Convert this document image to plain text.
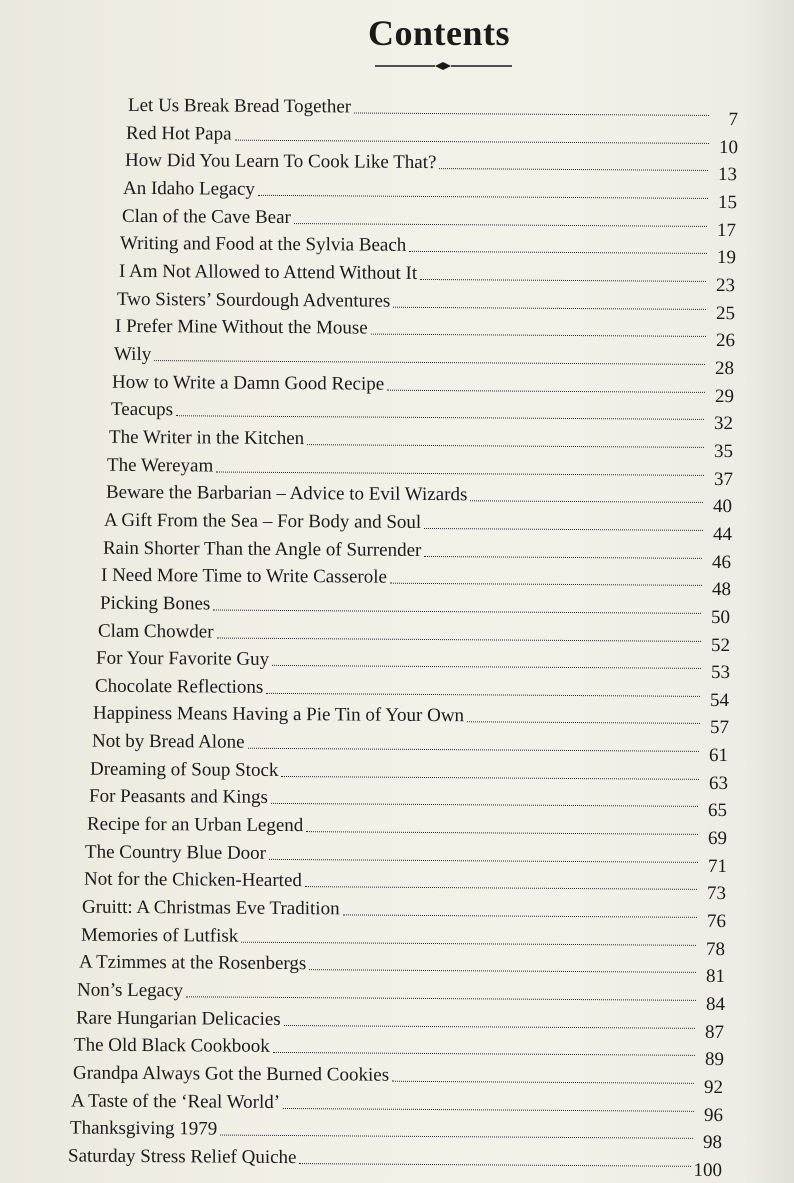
Contents
Let Us Break Bread Together
7
Red Hot Papa
10
How Did You Learn To Cook Like That?
13
An Idaho Legacy
15
Clan of the Cave Bear
17
Writing and Food at the Sylvia Beach
19
I Am Not Allowed to Attend Without It
23
Two Sisters’ Sourdough Adventures
25
I Prefer Mine Without the Mouse
26
Wily
28
How to Write a Damn Good Recipe
29
Teacups
32
The Writer in the Kitchen
35
The Wereyam
37
Beware the Barbarian – Advice to Evil Wizards
40
A Gift From the Sea – For Body and Soul
44
Rain Shorter Than the Angle of Surrender
46
I Need More Time to Write Casserole
48
Picking Bones
50
Clam Chowder
52
For Your Favorite Guy
53
Chocolate Reflections
54
Happiness Means Having a Pie Tin of Your Own
57
Not by Bread Alone
61
Dreaming of Soup Stock
63
For Peasants and Kings
65
Recipe for an Urban Legend
69
The Country Blue Door
71
Not for the Chicken-Hearted
73
Gruitt: A Christmas Eve Tradition
76
Memories of Lutfisk
78
A Tzimmes at the Rosenbergs
81
Non’s Legacy
84
Rare Hungarian Delicacies
87
The Old Black Cookbook
89
Grandpa Always Got the Burned Cookies
92
A Taste of the ‘Real World’
96
Thanksgiving 1979
98
Saturday Stress Relief Quiche
100
